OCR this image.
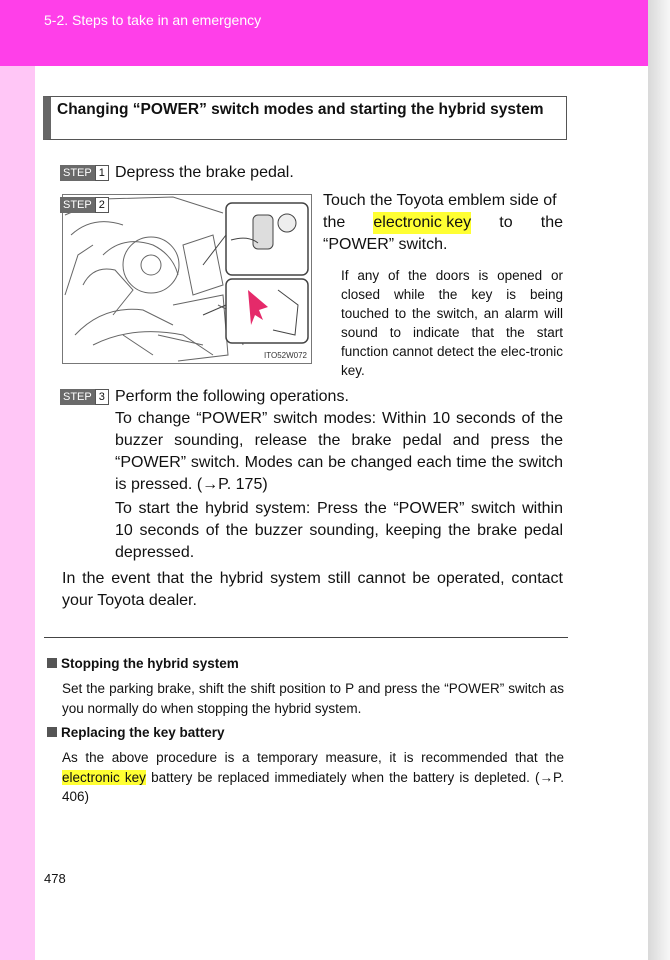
5-2. Steps to take in an emergency
Changing “POWER” switch modes and starting the hybrid system
STEP 1 Depress the brake pedal.
STEP 2
ITO52W072
Touch the Toyota emblem side of

the electronic key to the
“POWER” switch.
If any of the doors is opened or closed while the key is being touched to the switch, an alarm will sound to indicate that the start function cannot detect the elec-tronic key.
STEP 3 Perform the following operations.
To change “POWER” switch modes: Within 10 seconds of the buzzer sounding, release the brake pedal and press the “POWER” switch. Modes can be changed each time the switch is pressed. (→P. 175)
To start the hybrid system: Press the “POWER” switch within 10 seconds of the buzzer sounding, keeping the brake pedal depressed.
In the event that the hybrid system still cannot be operated, contact your Toyota dealer.
Stopping the hybrid system
Set the parking brake, shift the shift position to P and press the “POWER” switch as you normally do when stopping the hybrid system.
Replacing the key battery
As the above procedure is a temporary measure, it is recommended that the electronic key battery be replaced immediately when the battery is depleted. (→P. 406)
478
